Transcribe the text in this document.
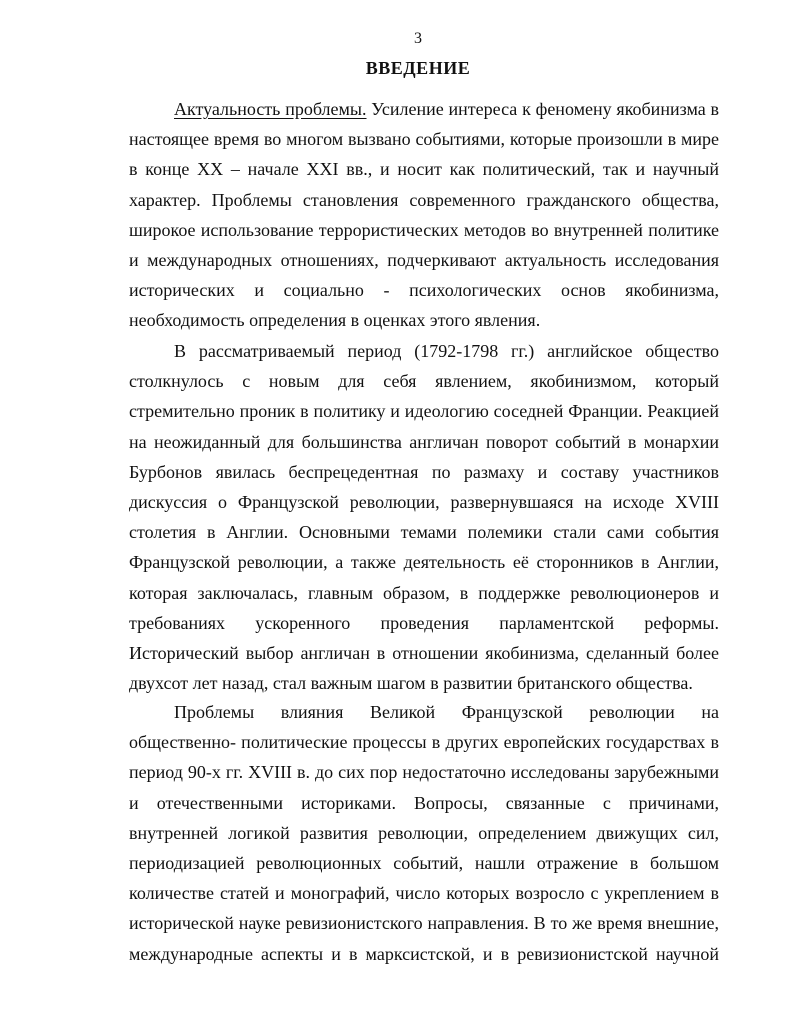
3
ВВЕДЕНИЕ
Актуальность проблемы. Усиление интереса к феномену якобинизма в
настоящее время во многом вызвано событиями, которые произошли в мире
в конце XX – начале XXI вв., и носит как политический, так и научный
характер. Проблемы становления современного гражданского общества,
широкое использование террористических методов во внутренней политике
и международных отношениях, подчеркивают актуальность исследования
исторических и социально - психологических основ якобинизма,
необходимость определения в оценках этого явления.
В рассматриваемый период (1792-1798 гг.) английское общество
столкнулось с новым для себя явлением, якобинизмом, который
стремительно проник в политику и идеологию соседней Франции. Реакцией
на неожиданный для большинства англичан поворот событий в монархии
Бурбонов явилась беспрецедентная по размаху и составу участников
дискуссия о Французской революции, развернувшаяся на исходе XVIII
столетия в Англии. Основными темами полемики стали сами события
Французской революции, а также деятельность её сторонников в Англии,
которая заключалась, главным образом, в поддержке революционеров и
требованиях ускоренного проведения парламентской реформы.
Исторический выбор англичан в отношении якобинизма, сделанный более
двухсот лет назад, стал важным шагом в развитии британского общества.
Проблемы влияния Великой Французской революции на
общественно- политические процессы в других европейских государствах в
период 90-х гг. XVIII в. до сих пор недостаточно исследованы зарубежными
и отечественными историками. Вопросы, связанные с причинами,
внутренней логикой развития революции, определением движущих сил,
периодизацией революционных событий, нашли отражение в большом
количестве статей и монографий, число которых возросло с укреплением в
исторической науке ревизионистского направления. В то же время внешние,
международные аспекты и в марксистской, и в ревизионистской научной
